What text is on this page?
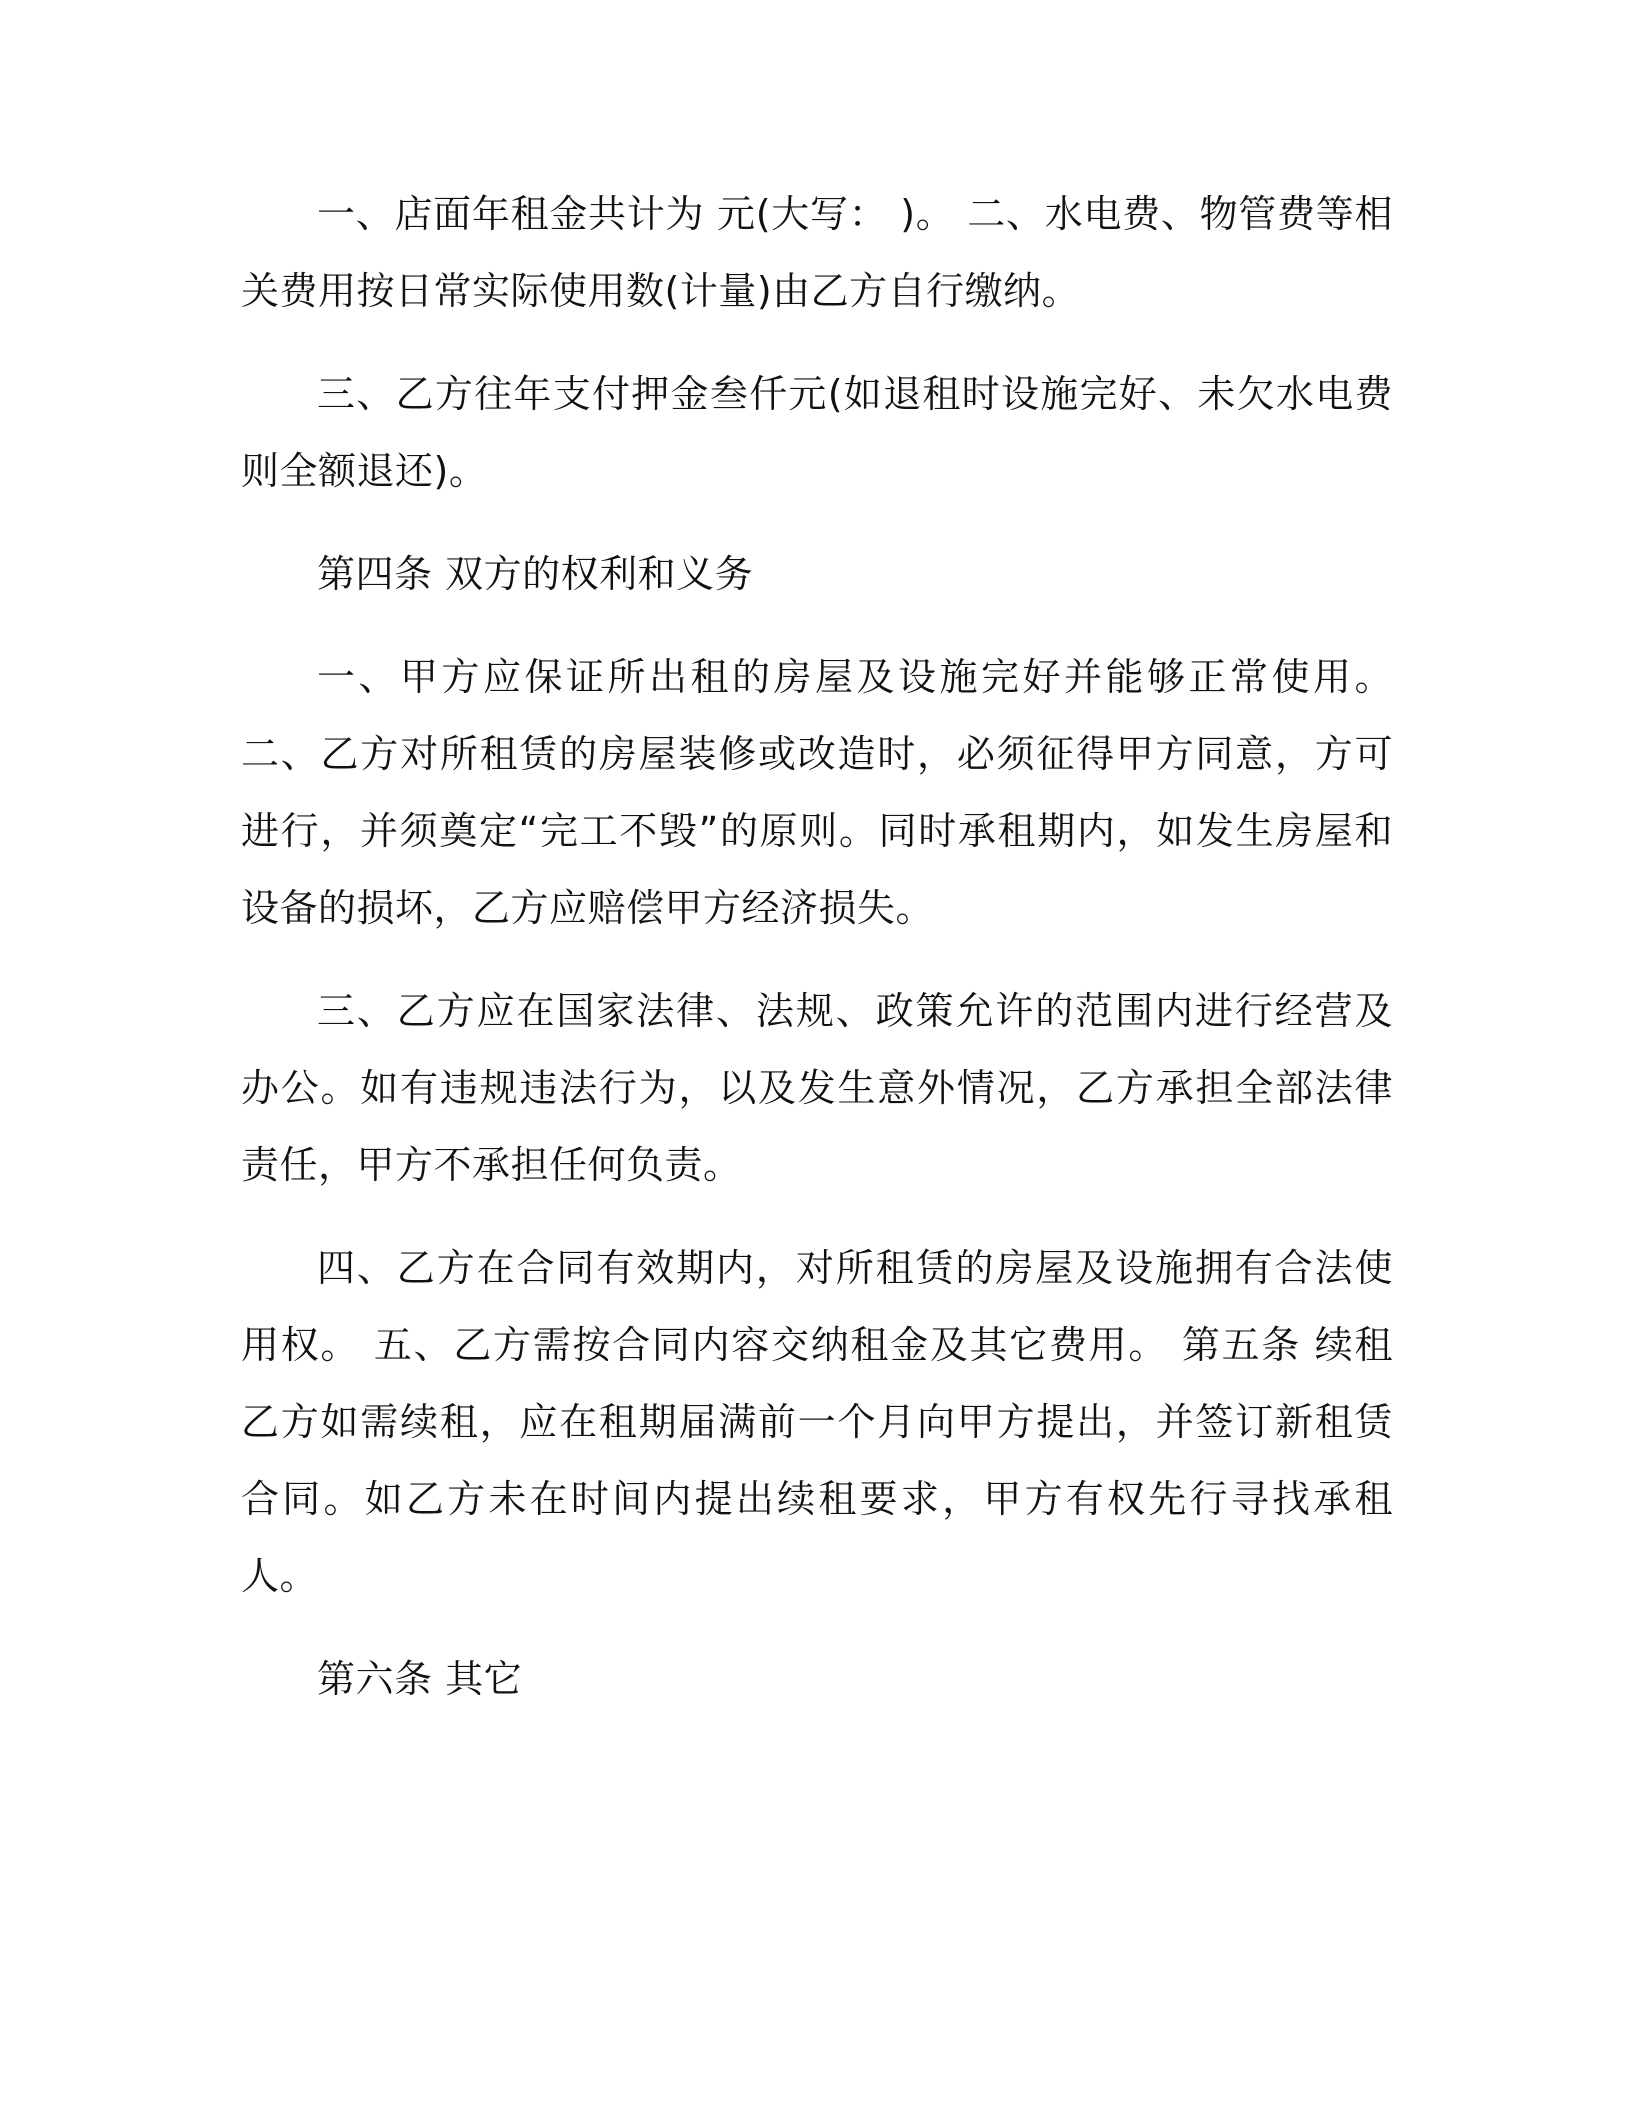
一、店面年租金共计为 元(大写： )。 二、水电费、物管费等相关费用按日常实际使用数(计量)由乙方自行缴纳。

三、乙方往年支付押金叁仟元(如退租时设施完好、未欠水电费则全额退还)。

第四条 双方的权利和义务

一、甲方应保证所出租的房屋及设施完好并能够正常使用。 二、乙方对所租赁的房屋装修或改造时，必须征得甲方同意，方可进行，并须奠定“完工不毁”的原则。同时承租期内，如发生房屋和设备的损坏，乙方应赔偿甲方经济损失。

三、乙方应在国家法律、法规、政策允许的范围内进行经营及办公。如有违规违法行为，以及发生意外情况，乙方承担全部法律责任，甲方不承担任何负责。

四、乙方在合同有效期内，对所租赁的房屋及设施拥有合法使用权。 五、乙方需按合同内容交纳租金及其它费用。 第五条 续租乙方如需续租，应在租期届满前一个月向甲方提出，并签订新租赁合同。如乙方未在时间内提出续租要求，甲方有权先行寻找承租人。

第六条 其它
